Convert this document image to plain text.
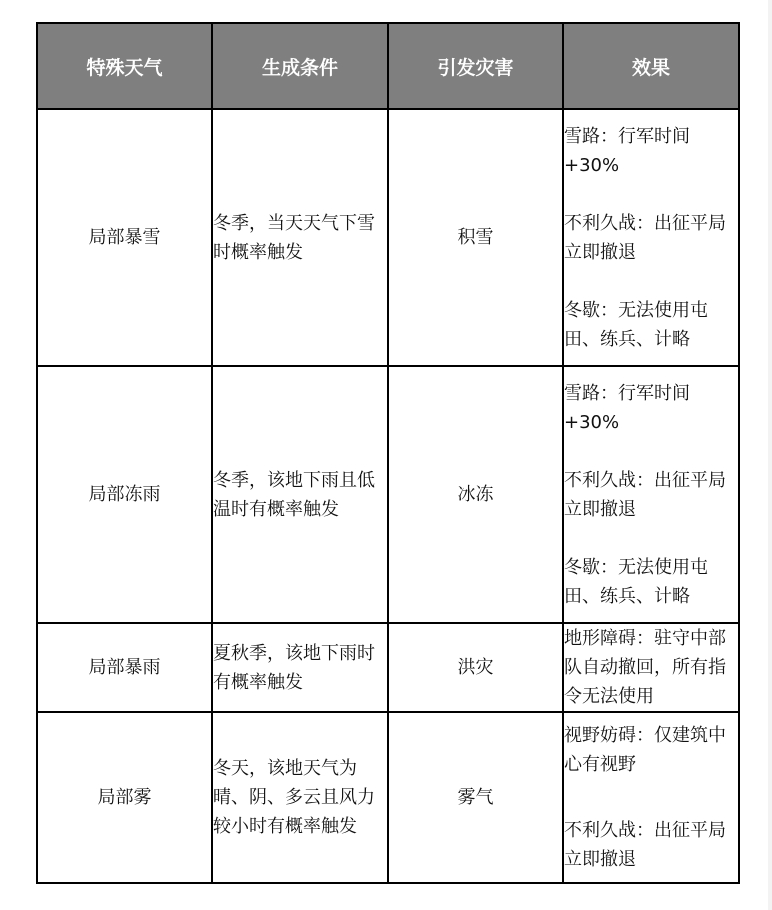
特殊天气	生成条件	引发灾害	效果
局部暴雪	冬季，当天天气下雪时概率触发	积雪	雪路：行军时间+30%
不利久战：出征平局立即撤退
冬歇：无法使用屯田、练兵、计略

局部冻雨	冬季，该地下雨且低温时有概率触发	冰冻	雪路：行军时间+30%
不利久战：出征平局立即撤退
冬歇：无法使用屯田、练兵、计略

局部暴雨	夏秋季，该地下雨时有概率触发	洪灾	地形障碍：驻守中部队自动撤回，所有指令无法使用

局部雾	冬天，该地天气为晴、阴、多云且风力较小时有概率触发	雾气	视野妨碍：仅建筑中心有视野
不利久战：出征平局立即撤退
